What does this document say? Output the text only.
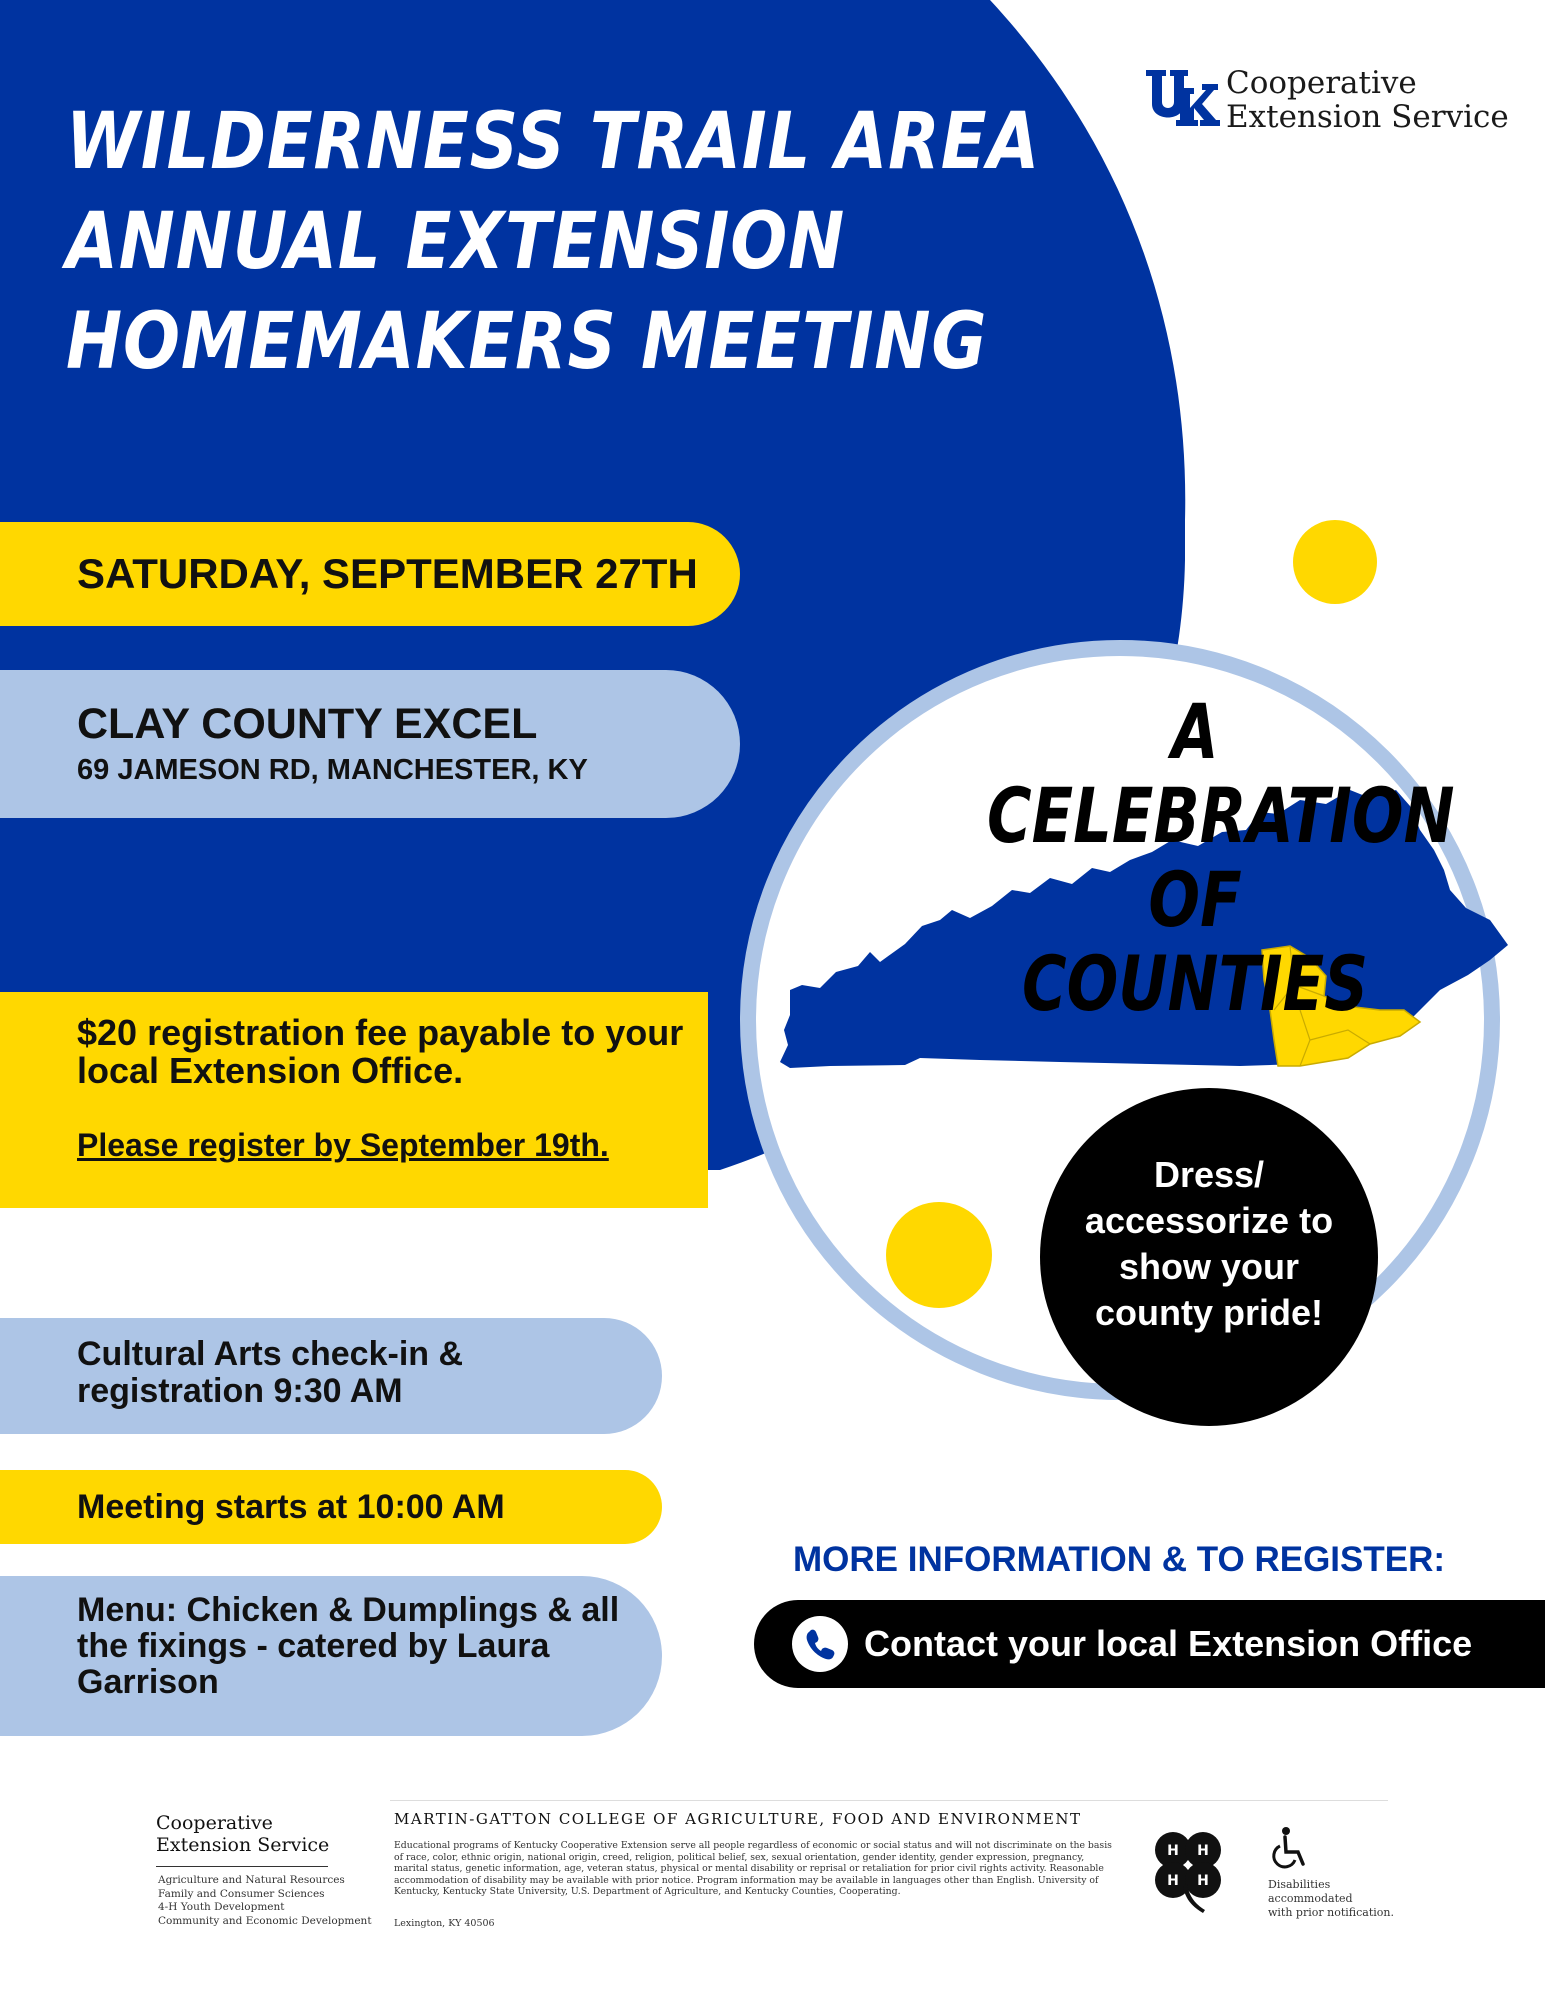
WILDERNESS TRAIL AREA
ANNUAL EXTENSION
HOMEMAKERS MEETING
Cooperative
Extension Service
SATURDAY, SEPTEMBER 27TH
CLAY COUNTY EXCEL
69 JAMESON RD, MANCHESTER, KY
$20 registration fee payable to your local Extension Office.
Please register by September 19th.
Cultural Arts check-in & registration 9:30 AM
Meeting starts at 10:00 AM
Menu: Chicken & Dumplings & all the fixings - catered by Laura Garrison
A CELEBRATION
OF COUNTIES
Dress/ accessorize to show your county pride!
MORE INFORMATION & TO REGISTER:
Contact your local Extension Office
Cooperative
Extension Service
Agriculture and Natural Resources
Family and Consumer Sciences
4-H Youth Development
Community and Economic Development
MARTIN-GATTON COLLEGE OF AGRICULTURE, FOOD AND ENVIRONMENT
Educational programs of Kentucky Cooperative Extension serve all people regardless of economic or social status and will not discriminate on the basis of race, color, ethnic origin, national origin, creed, religion, political belief, sex, sexual orientation, gender identity, gender expression, pregnancy, marital status, genetic information, age, veteran status, physical or mental disability or reprisal or retaliation for prior civil rights activity. Reasonable accommodation of disability may be available with prior notice. Program information may be available in languages other than English. University of Kentucky, Kentucky State University, U.S. Department of Agriculture, and Kentucky Counties, Cooperating.
Lexington, KY 40506
H H
H H	Disabilities
accommodated
with prior notification.
